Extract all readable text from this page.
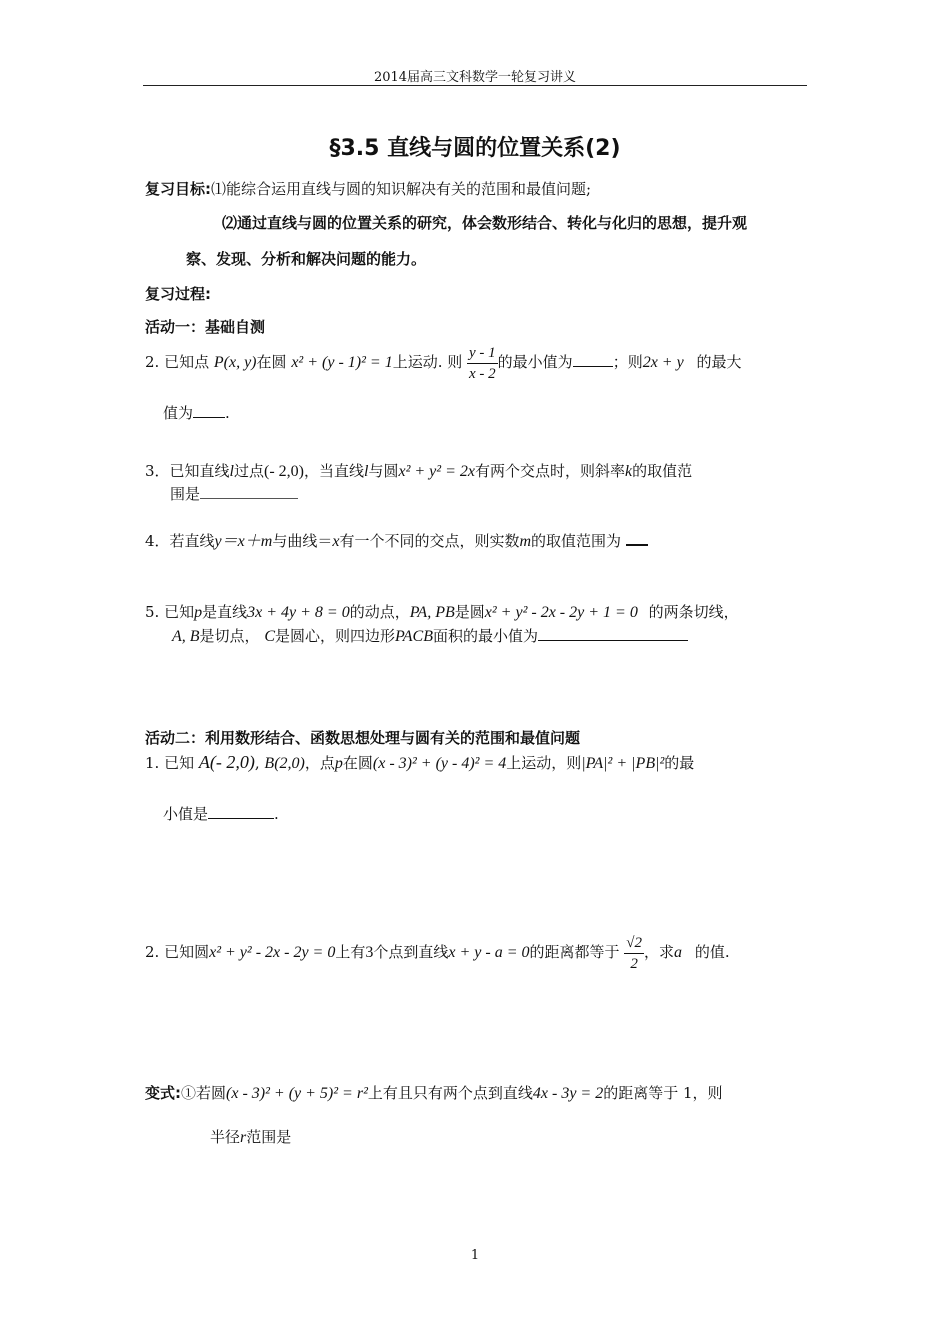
2014届高三文科数学一轮复习讲义
§3.5 直线与圆的位置关系(2)
复习目标:⑴能综合运用直线与圆的知识解决有关的范围和最值问题;
⑵通过直线与圆的位置关系的研究，体会数形结合、转化与化归的思想，提升观
察、发现、分析和解决问题的能力。
复习过程:
活动一：基础自测
2. 已知点 P(x, y)在圆 x² + (y - 1)² = 1上运动. 则 $\frac{y - 1}{x - 2}$ 的最小值为	；则2x + y 的最大
值为 .
3．已知直线l过点(- 2,0)，当直线l与圆x² + y² = 2x有两个交点时，则斜率k的取值范
围是
4．若直线y＝x＋m与曲线＝x有一个不同的交点，则实数m的取值范围为
5. 已知p是直线3x + 4y + 8 = 0的动点，PA, PB是圆x² + y² - 2x - 2y + 1 = 0 的两条切线，
A, B是切点， C是圆心，则四边形PACB面积的最小值为
活动二：利用数形结合、函数思想处理与圆有关的范围和最值问题
1. 已知 A(- 2,0), B(2,0)，点p在圆(x - 3)² + (y - 4)² = 4上运动，则|PA|² + |PB|²的最
小值是	.
2. 已知圆x² + y² - 2x - 2y = 0上有3个点到直线x + y - a = 0的距离都等于 $\frac{√2}{2}$ ，求a 的值.
变式:①若圆(x - 3)² + (y + 5)² = r²上有且只有两个点到直线4x - 3y = 2的距离等于 1，则
半径r范围是
1
